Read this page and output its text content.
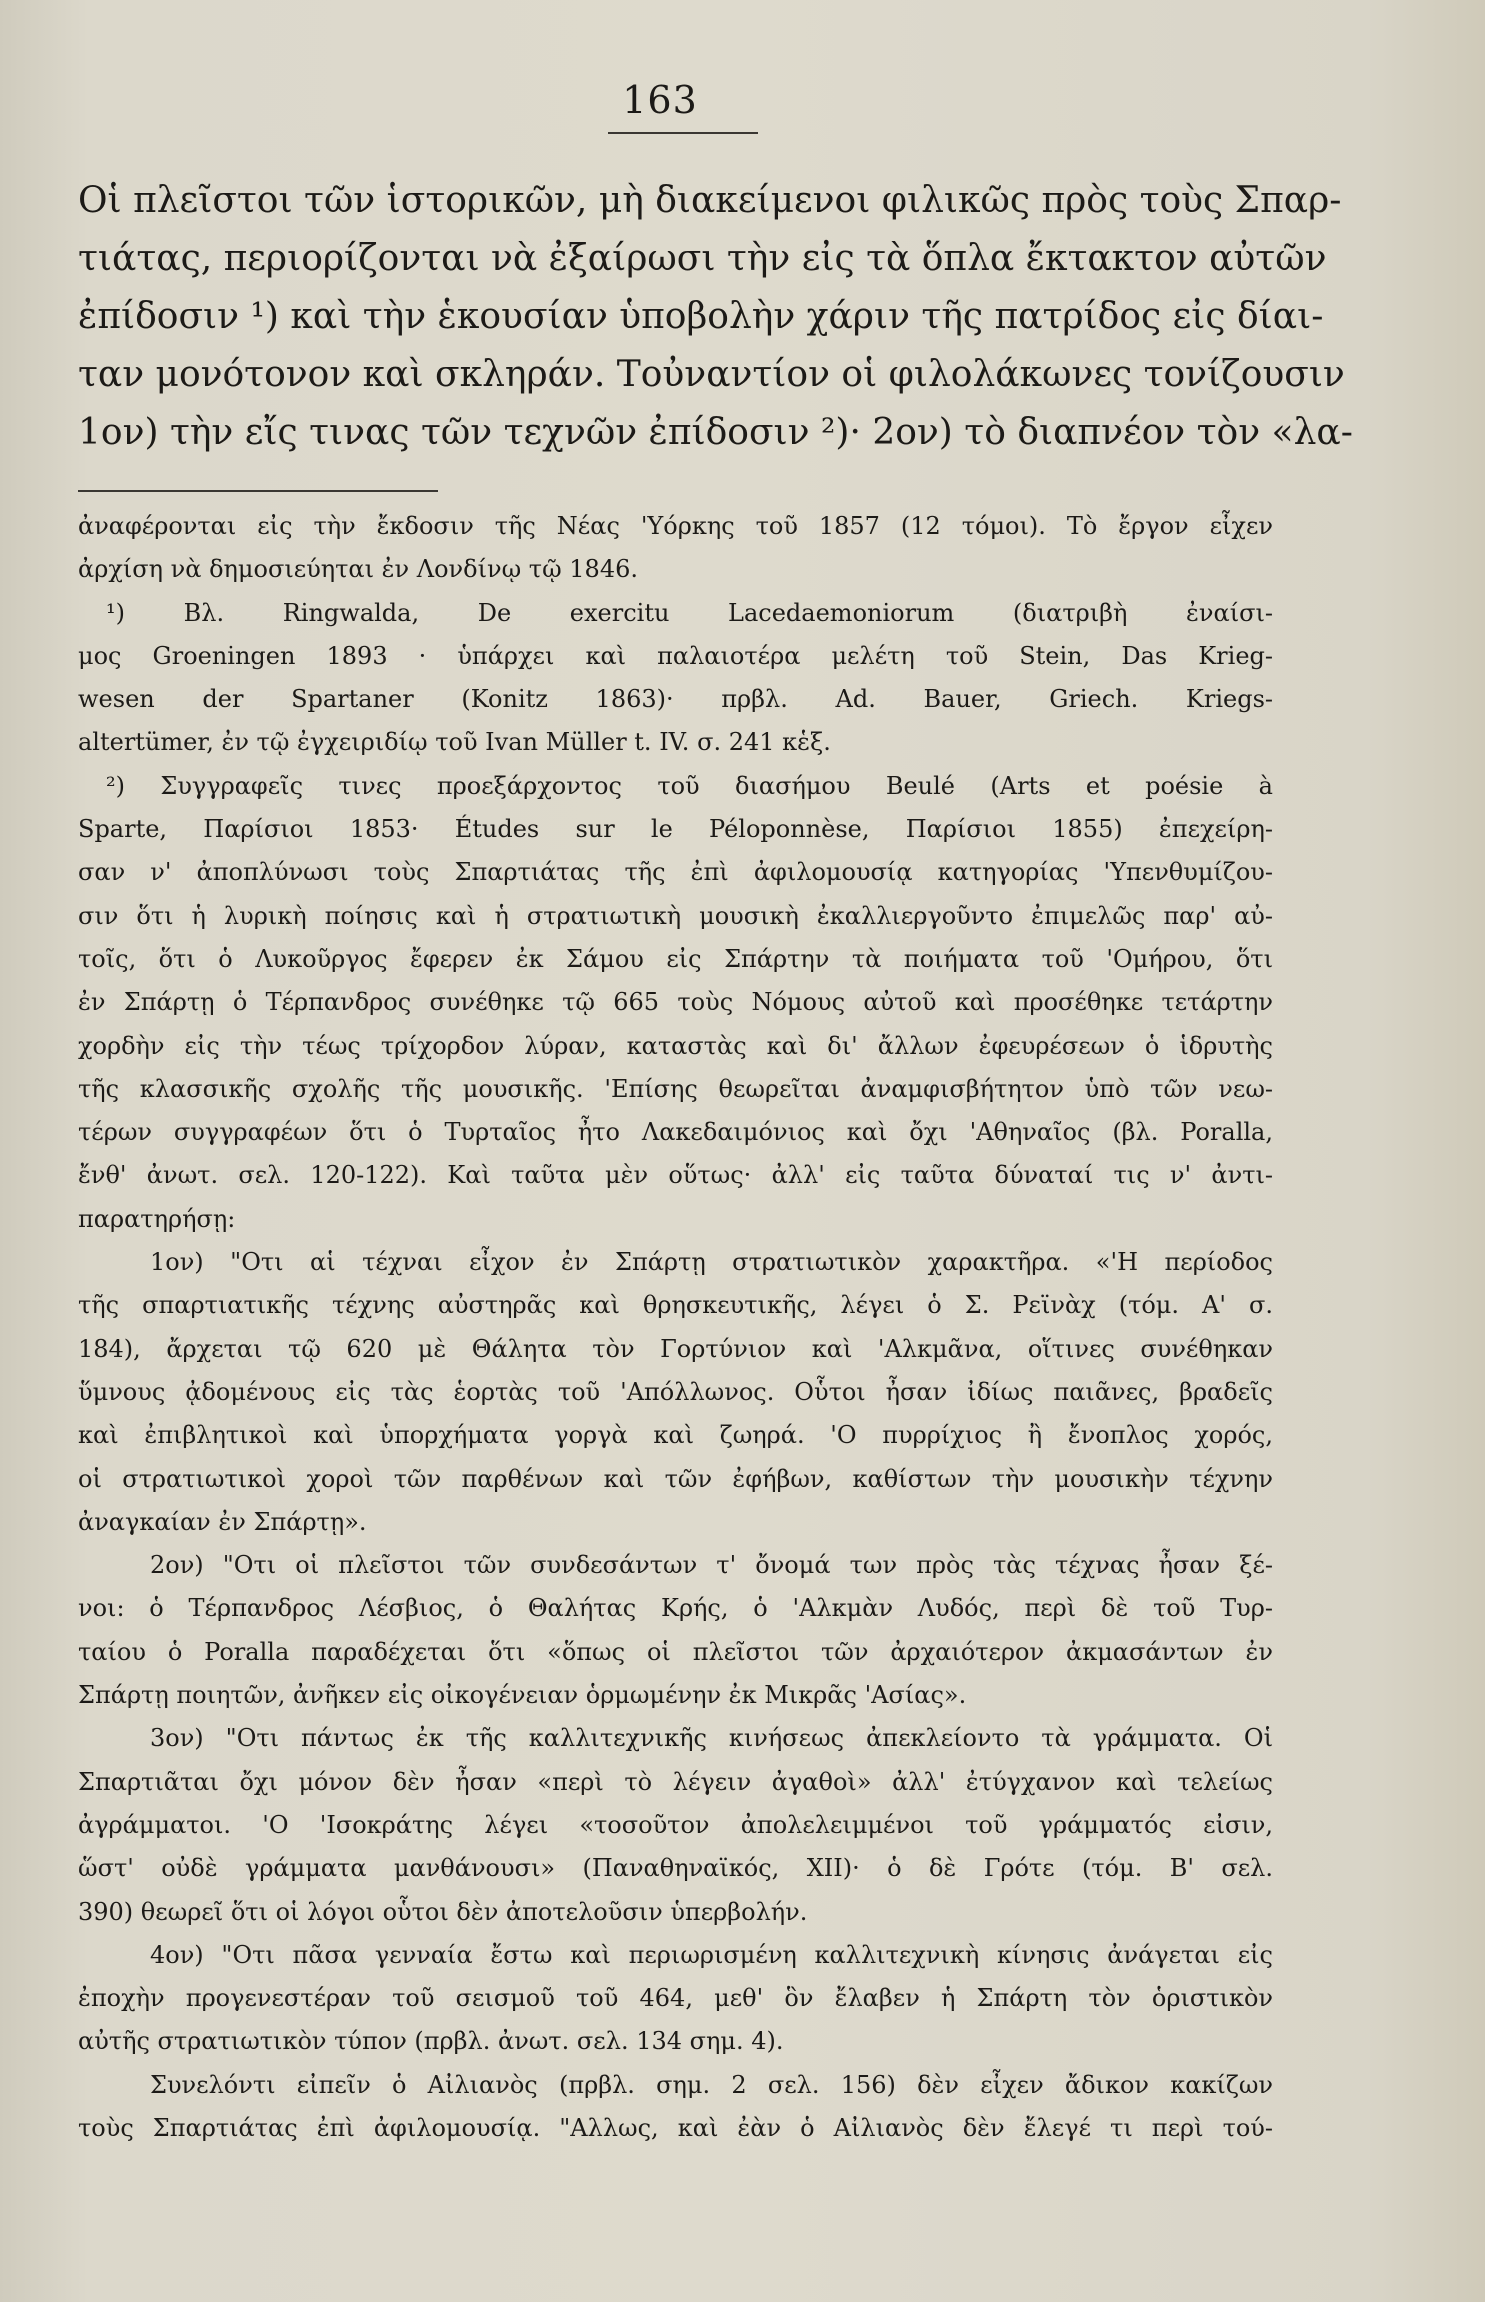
163
Οἱ πλεῖστοι τῶν ἱστορικῶν, μὴ διακείμενοι φιλικῶς πρὸς τοὺς Σπαρ-
τιάτας, περιορίζονται νὰ ἐξαίρωσι τὴν εἰς τὰ ὅπλα ἔκτακτον αὐτῶν
ἐπίδοσιν ¹) καὶ τὴν ἑκουσίαν ὑποβολὴν χάριν τῆς πατρίδος εἰς δίαι-
ταν μονότονον καὶ σκληράν. Τοὐναντίον οἱ φιλολάκωνες τονίζουσιν
1ον) τὴν εἴς τινας τῶν τεχνῶν ἐπίδοσιν ²)· 2ον) τὸ διαπνέον τὸν «λα-
ἀναφέρονται εἰς τὴν ἔκδοσιν τῆς Νέας 'Υόρκης τοῦ 1857 (12 τόμοι). Τὸ ἔργον εἶχεν
ἀρχίση νὰ δημοσιεύηται ἐν Λονδίνῳ τῷ 1846.
¹) Βλ. Ringwalda, De exercitu Lacedaemoniorum (διατριβὴ ἐναίσι-
μος Groeningen 1893 · ὑπάρχει καὶ παλαιοτέρα μελέτη τοῦ Stein, Das Krieg-
wesen der Spartaner (Konitz 1863)· πρβλ. Ad. Bauer, Griech. Kriegs-
altertümer, ἐν τῷ ἐγχειριδίῳ τοῦ Ivan Müller t. IV. σ. 241 κἑξ.
²) Συγγραφεῖς τινες προεξάρχοντος τοῦ διασήμου Beulé (Arts et poésie à
Sparte, Παρίσιοι 1853· Études sur le Péloponnèse, Παρίσιοι 1855) ἐπεχείρη-
σαν ν' ἀποπλύνωσι τοὺς Σπαρτιάτας τῆς ἐπὶ ἀφιλομουσίᾳ κατηγορίας 'Υπενθυμίζου-
σιν ὅτι ἡ λυρικὴ ποίησις καὶ ἡ στρατιωτικὴ μουσικὴ ἐκαλλιεργοῦντο ἐπιμελῶς παρ' αὐ-
τοῖς, ὅτι ὁ Λυκοῦργος ἔφερεν ἐκ Σάμου εἰς Σπάρτην τὰ ποιήματα τοῦ 'Ομήρου, ὅτι
ἐν Σπάρτῃ ὁ Τέρπανδρος συνέθηκε τῷ 665 τοὺς Νόμους αὐτοῦ καὶ προσέθηκε τετάρτην
χορδὴν εἰς τὴν τέως τρίχορδον λύραν, καταστὰς καὶ δι' ἄλλων ἐφευρέσεων ὁ ἱδρυτὴς
τῆς κλασσικῆς σχολῆς τῆς μουσικῆς. 'Επίσης θεωρεῖται ἀναμφισβήτητον ὑπὸ τῶν νεω-
τέρων συγγραφέων ὅτι ὁ Τυρταῖος ἦτο Λακεδαιμόνιος καὶ ὄχι 'Αθηναῖος (βλ. Poralla,
ἔνθ' ἀνωτ. σελ. 120-122). Καὶ ταῦτα μὲν οὕτως· ἀλλ' εἰς ταῦτα δύναταί τις ν' ἀντι-
παρατηρήσῃ:
1ον) "Οτι αἱ τέχναι εἶχον ἐν Σπάρτῃ στρατιωτικὸν χαρακτῆρα. «'Η περίοδος
τῆς σπαρτιατικῆς τέχνης αὐστηρᾶς καὶ θρησκευτικῆς, λέγει ὁ Σ. Ρεϊνὰχ (τόμ. Α' σ.
184), ἄρχεται τῷ 620 μὲ Θάλητα τὸν Γορτύνιον καὶ 'Αλκμᾶνα, οἵτινες συνέθηκαν
ὕμνους ᾀδομένους εἰς τὰς ἑορτὰς τοῦ 'Απόλλωνος. Οὗτοι ἦσαν ἰδίως παιᾶνες, βραδεῖς
καὶ ἐπιβλητικοὶ καὶ ὑπορχήματα γοργὰ καὶ ζωηρά. 'Ο πυρρίχιος ἢ ἔνοπλος χορός,
οἱ στρατιωτικοὶ χοροὶ τῶν παρθένων καὶ τῶν ἐφήβων, καθίστων τὴν μουσικὴν τέχνην
ἀναγκαίαν ἐν Σπάρτῃ».
2ον) "Οτι οἱ πλεῖστοι τῶν συνδεσάντων τ' ὄνομά των πρὸς τὰς τέχνας ἦσαν ξέ-
νοι: ὁ Τέρπανδρος Λέσβιος, ὁ Θαλήτας Κρής, ὁ 'Αλκμὰν Λυδός, περὶ δὲ τοῦ Τυρ-
ταίου ὁ Poralla παραδέχεται ὅτι «ὅπως οἱ πλεῖστοι τῶν ἀρχαιότερον ἀκμασάντων ἐν
Σπάρτῃ ποιητῶν, ἀνῆκεν εἰς οἰκογένειαν ὁρμωμένην ἐκ Μικρᾶς 'Ασίας».
3ον) "Οτι πάντως ἐκ τῆς καλλιτεχνικῆς κινήσεως ἀπεκλείοντο τὰ γράμματα. Οἱ
Σπαρτιᾶται ὄχι μόνον δὲν ἦσαν «περὶ τὸ λέγειν ἀγαθοὶ» ἀλλ' ἐτύγχανον καὶ τελείως
ἀγράμματοι. 'Ο 'Ισοκράτης λέγει «τοσοῦτον ἀπολελειμμένοι τοῦ γράμματός εἰσιν,
ὥστ' οὐδὲ γράμματα μανθάνουσι» (Παναθηναϊκός, XII)· ὁ δὲ Γρότε (τόμ. Β' σελ.
390) θεωρεῖ ὅτι οἱ λόγοι οὗτοι δὲν ἀποτελοῦσιν ὑπερβολήν.
4ον) "Οτι πᾶσα γενναία ἔστω καὶ περιωρισμένη καλλιτεχνικὴ κίνησις ἀνάγεται εἰς
ἐποχὴν προγενεστέραν τοῦ σεισμοῦ τοῦ 464, μεθ' ὃν ἔλαβεν ἡ Σπάρτη τὸν ὁριστικὸν
αὐτῆς στρατιωτικὸν τύπον (πρβλ. ἀνωτ. σελ. 134 σημ. 4).
Συνελόντι εἰπεῖν ὁ Αἰλιανὸς (πρβλ. σημ. 2 σελ. 156) δὲν εἶχεν ἄδικον κακίζων
τοὺς Σπαρτιάτας ἐπὶ ἀφιλομουσίᾳ. "Αλλως, καὶ ἐὰν ὁ Αἰλιανὸς δὲν ἔλεγέ τι περὶ τού-
